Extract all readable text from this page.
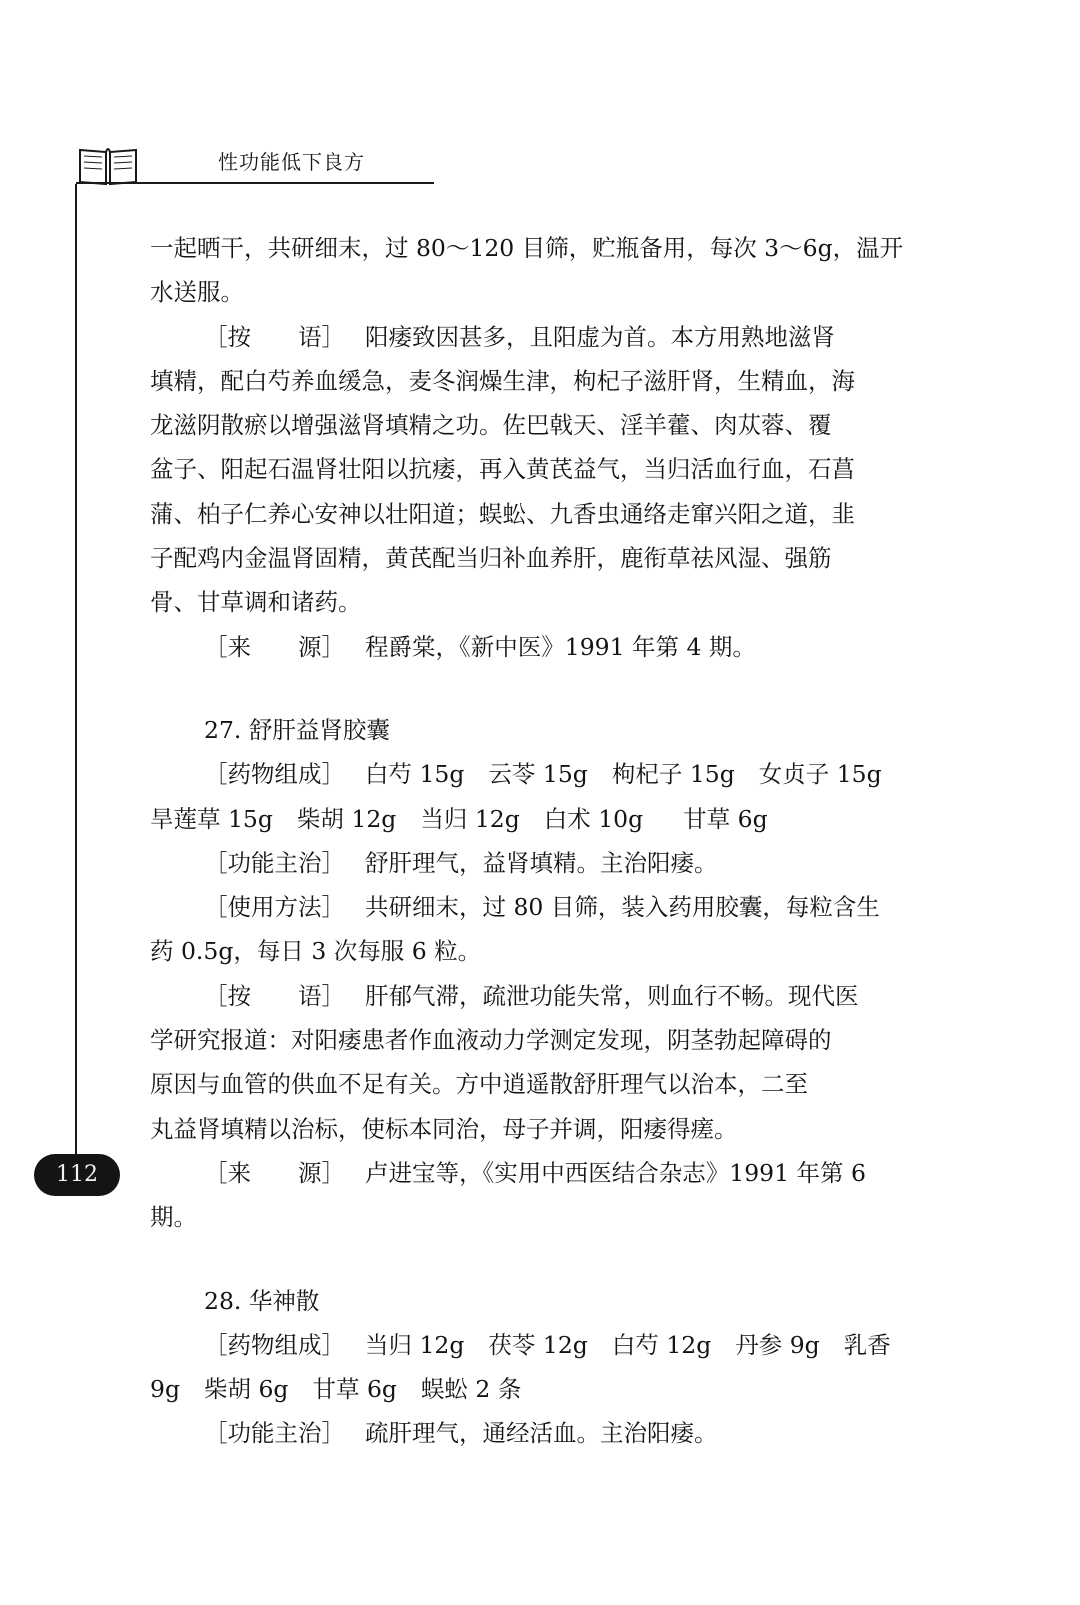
性功能低下良方
112
一起晒干，共研细末，过 80～120 目筛，贮瓶备用，每次 3～6g，温开
水送服。
［按　　语］ 阳痿致因甚多，且阳虚为首。本方用熟地滋肾
填精，配白芍养血缓急，麦冬润燥生津，枸杞子滋肝肾，生精血，海
龙滋阴散瘀以增强滋肾填精之功。佐巴戟天、淫羊藿、肉苁蓉、覆
盆子、阳起石温肾壮阳以抗痿，再入黄芪益气，当归活血行血，石菖
蒲、柏子仁养心安神以壮阳道；蜈蚣、九香虫通络走窜兴阳之道，韭
子配鸡内金温肾固精，黄芪配当归补血养肝，鹿衔草祛风湿、强筋
骨、甘草调和诸药。
［来　　源］ 程爵棠，《新中医》1991 年第 4 期。
27. 舒肝益肾胶囊
［药物组成］ 白芍 15g 云苓 15g 枸杞子 15g 女贞子 15g
旱莲草 15g 柴胡 12g 当归 12g 白术 10g 甘草 6g
［功能主治］ 舒肝理气，益肾填精。主治阳痿。
［使用方法］ 共研细末，过 80 目筛，装入药用胶囊，每粒含生
药 0.5g，每日 3 次每服 6 粒。
［按　　语］ 肝郁气滞，疏泄功能失常，则血行不畅。现代医
学研究报道：对阳痿患者作血液动力学测定发现，阴茎勃起障碍的
原因与血管的供血不足有关。方中逍遥散舒肝理气以治本，二至
丸益肾填精以治标，使标本同治，母子并调，阳痿得瘥。
［来　　源］ 卢进宝等，《实用中西医结合杂志》1991 年第 6
期。
28. 华神散
［药物组成］ 当归 12g 茯苓 12g 白芍 12g 丹参 9g 乳香
9g 柴胡 6g 甘草 6g 蜈蚣 2 条
［功能主治］ 疏肝理气，通经活血。主治阳痿。
